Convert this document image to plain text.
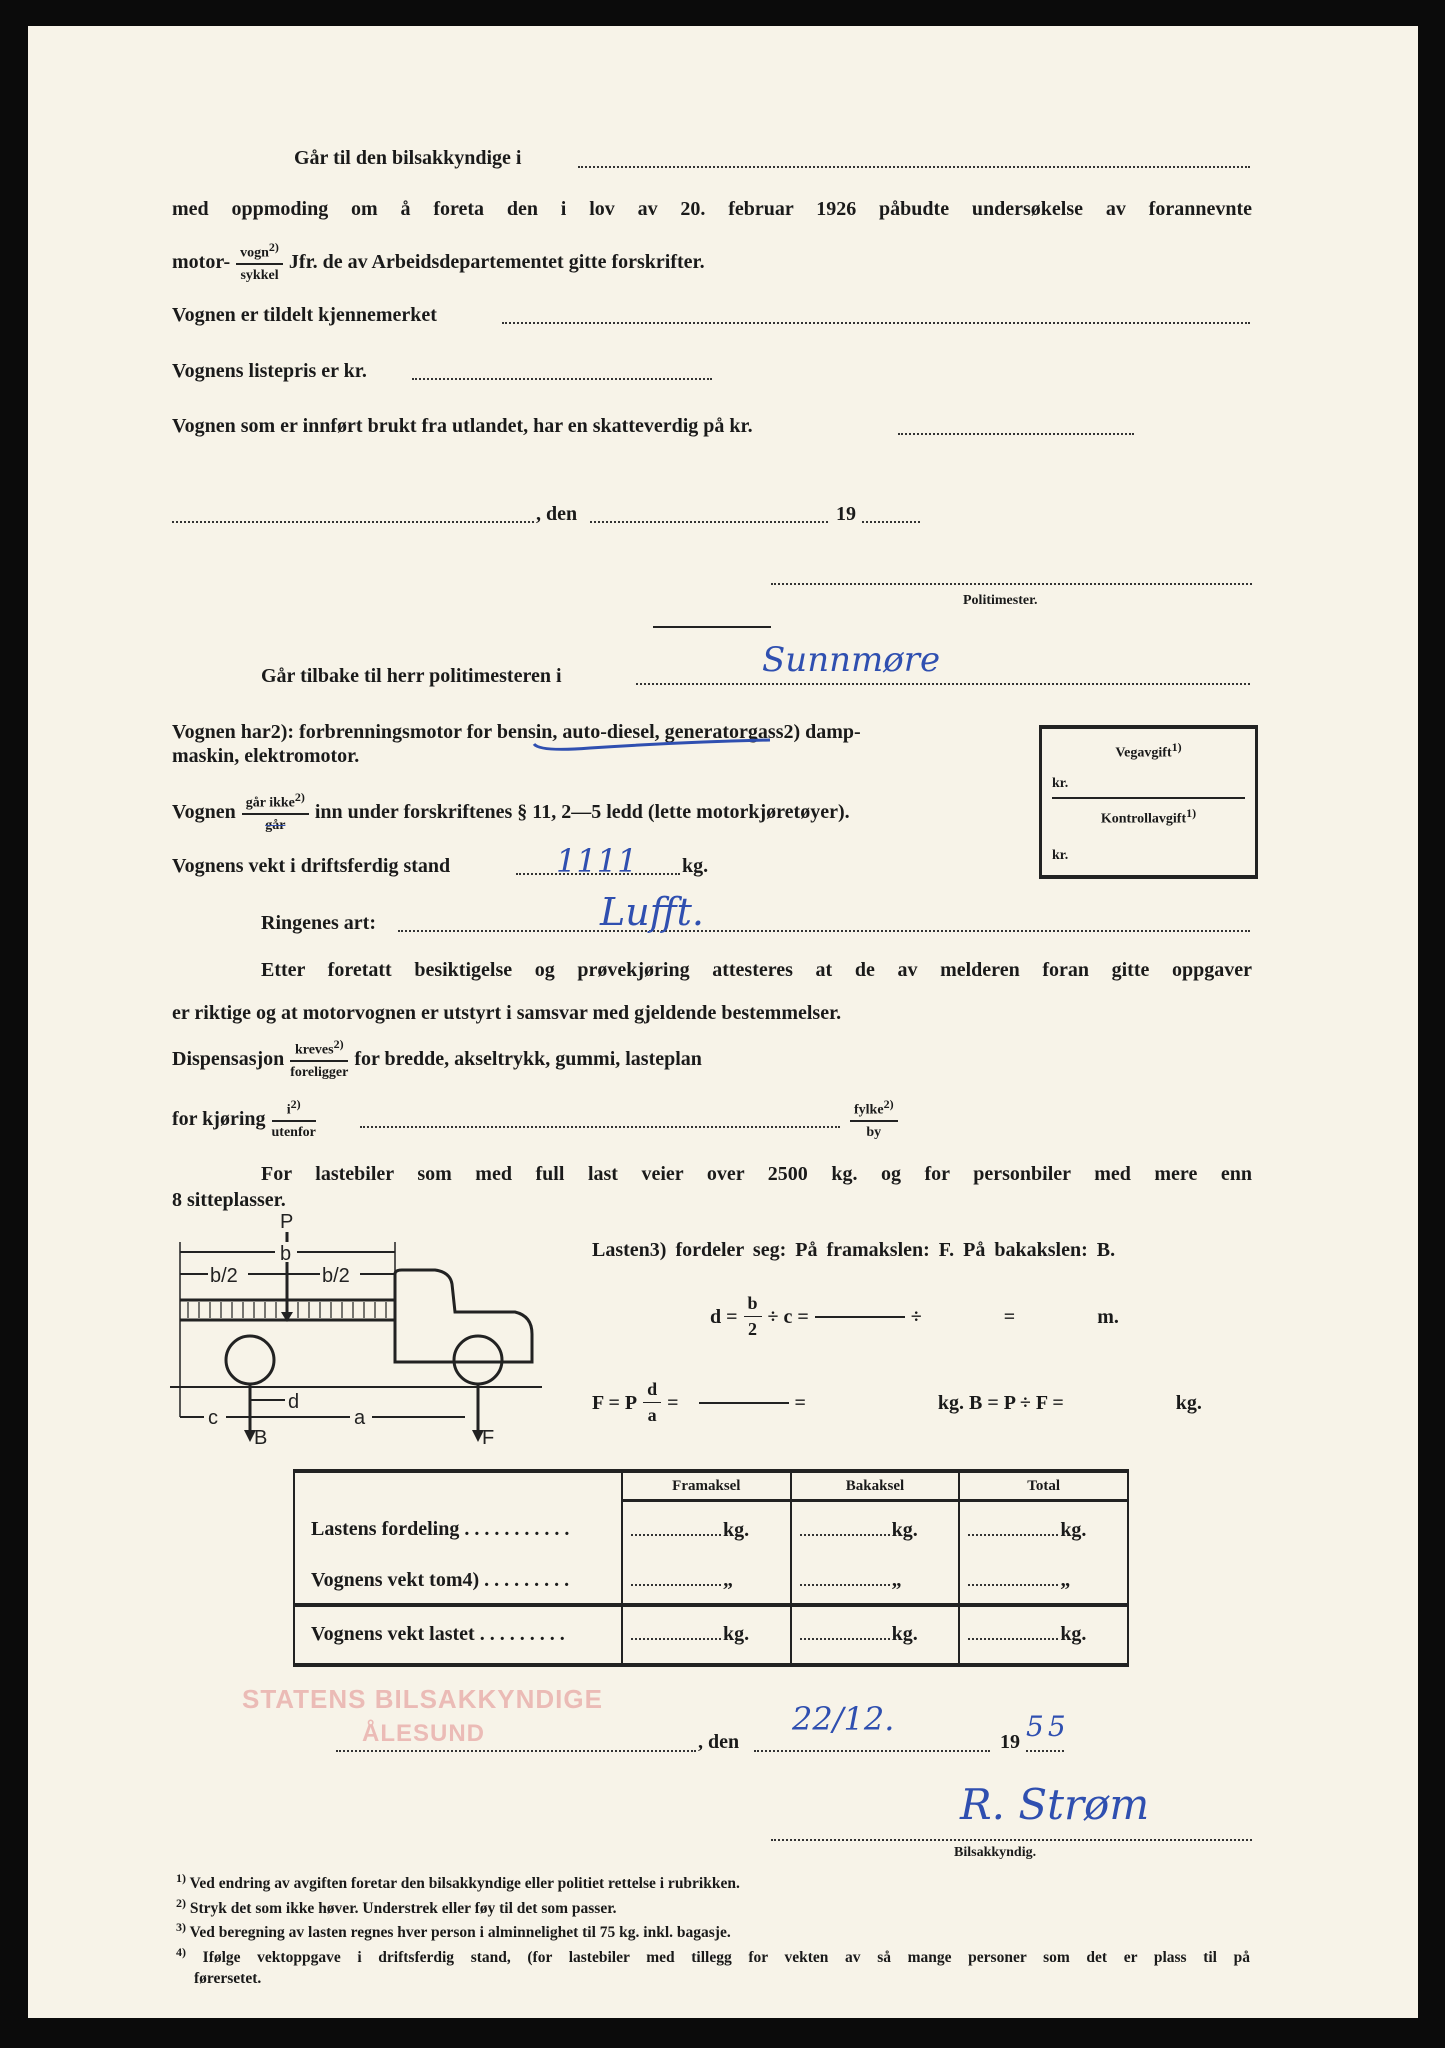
Går til den bilsakkyndige i
med oppmoding om å foreta den i lov av 20. februar 1926 påbudte undersøkelse av forannevnte
motor- $\frac{vogn^{2)}}{\text{sykkel}}$ Jfr. de av Arbeidsdepartementet gitte forskrifter.
Vognen er tildelt kjennemerket
Vognens listepris er kr.
Vognen som er innført brukt fra utlandet, har en skatteverdig på kr.
, den	19
Politimester.
Går tilbake til herr politimesteren i	Sunnmøre
Vognen har2): forbrenningsmotor for bensin, auto-diesel, generatorgass2) damp-
maskin, elektromotor.
Vognen $\frac{går ikke^{2)}}{\text{går}}$ inn under forskriftenes § 11, 2—5 ledd (lette motorkjøretøyer).
Vognens vekt i driftsferdig stand	1111 kg.
Ringenes art:	Lufft.
Vegavgift$^{1)}$
kr.
Kontrollavgift$^{1)}$
kr.
Etter foretatt besiktigelse og prøvekjøring attesteres at de av melderen foran gitte oppgaver
er riktige og at motorvognen er utstyrt i samsvar med gjeldende bestemmelser.
Dispensasjon $\frac{kreves^{2)}}{\text{foreligger}}$ for bredde, akseltrykk, gummi, lasteplan
for kjøring $\frac{i^{2)}}{\text{utenfor}}$	$\frac{fylke^{2)}}{by}$
For lastebiler som med full last veier over 2500 kg. og for personbiler med mere enn
8 sitteplasser.
b
P
b/2	b/2
c	a
d
B	F
Lasten3) fordeler seg: På framakslen: F. På bakakslen: B.
$d = \frac{b}{2} \div c$ =	÷	=	m.
F = P $\frac{d}{a}$ =	=	kg. B = P ÷ F =	kg.
	Framaksel	Bakaksel	Total
Lastens fordeling . . . . . . . . . . .	kg.	kg.	kg.
Vognens vekt tom4) . . . . . . . . .	„	„	„
Vognens vekt lastet . . . . . . . . .	kg.	kg.	kg.
STATENS BILSAKKYNDIGE
ÅLESUND	, den
22/12.
19 55
R. Strøm
Bilsakkyndig.
$^{1)}$ Ved endring av avgiften foretar den bilsakkyndige eller politiet rettelse i rubrikken.
$^{2)}$ Stryk det som ikke høver. Understrek eller føy til det som passer.
$^{3)}$ Ved beregning av lasten regnes hver person i alminnelighet til 75 kg. inkl. bagasje.
$^{4)}$ Ifølge vektoppgave i driftsferdig stand, (for lastebiler med tillegg for vekten av så mange personer som det er plass til på
førersetet.
